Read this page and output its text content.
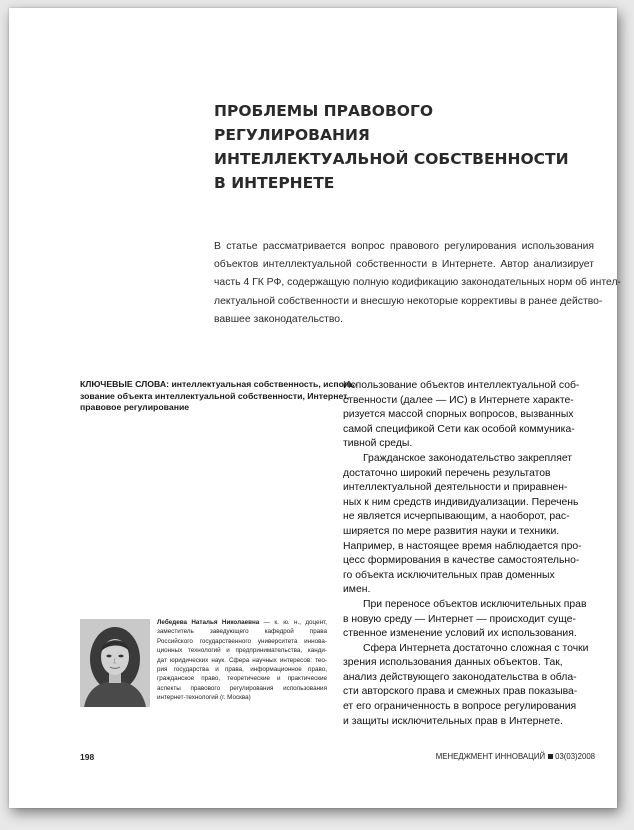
ПРОБЛЕМЫ ПРАВОВОГО РЕГУЛИРОВАНИЯ
ИНТЕЛЛЕКТУАЛЬНОЙ СОБСТВЕННОСТИ
В ИНТЕРНЕТЕ

В статье рассматривается вопрос правового регулирования использования
объектов интеллектуальной собственности в Интернете. Автор анализирует
часть 4 ГК РФ, содержащую полную кодификацию законодательных норм об интел-
лектуальной собственности и внесшую некоторые коррективы в ранее действо-
вавшее законодательство.

КЛЮЧЕВЫЕ СЛОВА: интеллектуальная собственность, исполь-
зование объекта интеллектуальной собственности, Интернет,
правовое регулирование

Использование объектов интеллектуальной соб-
ственности (далее — ИС) в Интернете характе-
ризуется массой спорных вопросов, вызванных
самой спецификой Сети как особой коммуника-
тивной среды.
Гражданское законодательство закрепляет
достаточно широкий перечень результатов
интеллектуальной деятельности и приравнен-
ных к ним средств индивидуализации. Перечень
не является исчерпывающим, а наоборот, рас-
ширяется по мере развития науки и техники.
Например, в настоящее время наблюдается про-
цесс формирования в качестве самостоятельно-
го объекта исключительных прав доменных
имен.
При переносе объектов исключительных прав
в новую среду — Интернет — происходит суще-
ственное изменение условий их использования.
Сфера Интернета достаточно сложная с точки
зрения использования данных объектов. Так,
анализ действующего законодательства в обла-
сти авторского права и смежных прав показыва-
ет его ограниченность в вопросе регулирования
и защиты исключительных прав в Интернете.
Лебедева Наталья Николаевна — к. ю. н., доцент,
заместитель заведующего кафедрой права
Российского государственного университета иннова-
ционных технологий и предпринимательства, канди-
дат юридических наук. Сфера научных интересов: тео-
рия государства и права, информационное право,
гражданское право, теоретические и практические
аспекты правового регулирования использования
интернет-технологий (г. Москва)
198	МЕНЕДЖМЕНТ ИННОВАЦИЙ 03(03)2008
